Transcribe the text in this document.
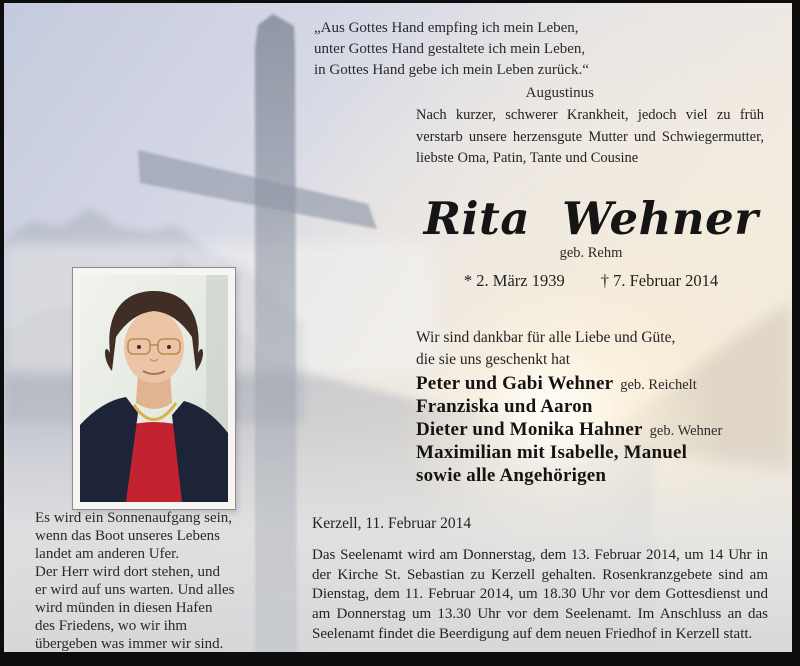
„Aus Gottes Hand empfing ich mein Leben,
unter Gottes Hand gestaltete ich mein Leben,
in Gottes Hand gebe ich mein Leben zurück.“
Augustinus
Nach kurzer, schwerer Krankheit, jedoch viel zu früh verstarb unsere herzensgute Mutter und Schwiegermutter, liebste Oma, Patin, Tante und Cousine
Rita Wehner
geb. Rehm
* 2. März 1939 † 7. Februar 2014
Wir sind dankbar für alle Liebe und Güte,
die sie uns geschenkt hat
Peter und Gabi Wehner geb. Reichelt
Franziska und Aaron
Dieter und Monika Hahner geb. Wehner
Maximilian mit Isabelle, Manuel
sowie alle Angehörigen
Kerzell, 11. Februar 2014
Das Seelenamt wird am Donnerstag, dem 13. Februar 2014, um 14 Uhr in der Kirche St. Sebastian zu Kerzell gehalten. Rosenkranzgebete sind am Dienstag, dem 11. Februar 2014, um 18.30 Uhr vor dem Gottesdienst und am Donnerstag um 13.30 Uhr vor dem Seelenamt. Im Anschluss an das Seelenamt findet die Beerdigung auf dem neuen Friedhof in Kerzell statt.
Es wird ein Sonnenaufgang sein,
wenn das Boot unseres Lebens
landet am anderen Ufer.
Der Herr wird dort stehen, und
er wird auf uns warten. Und alles
wird münden in diesen Hafen
des Friedens, wo wir ihm
übergeben was immer wir sind.
